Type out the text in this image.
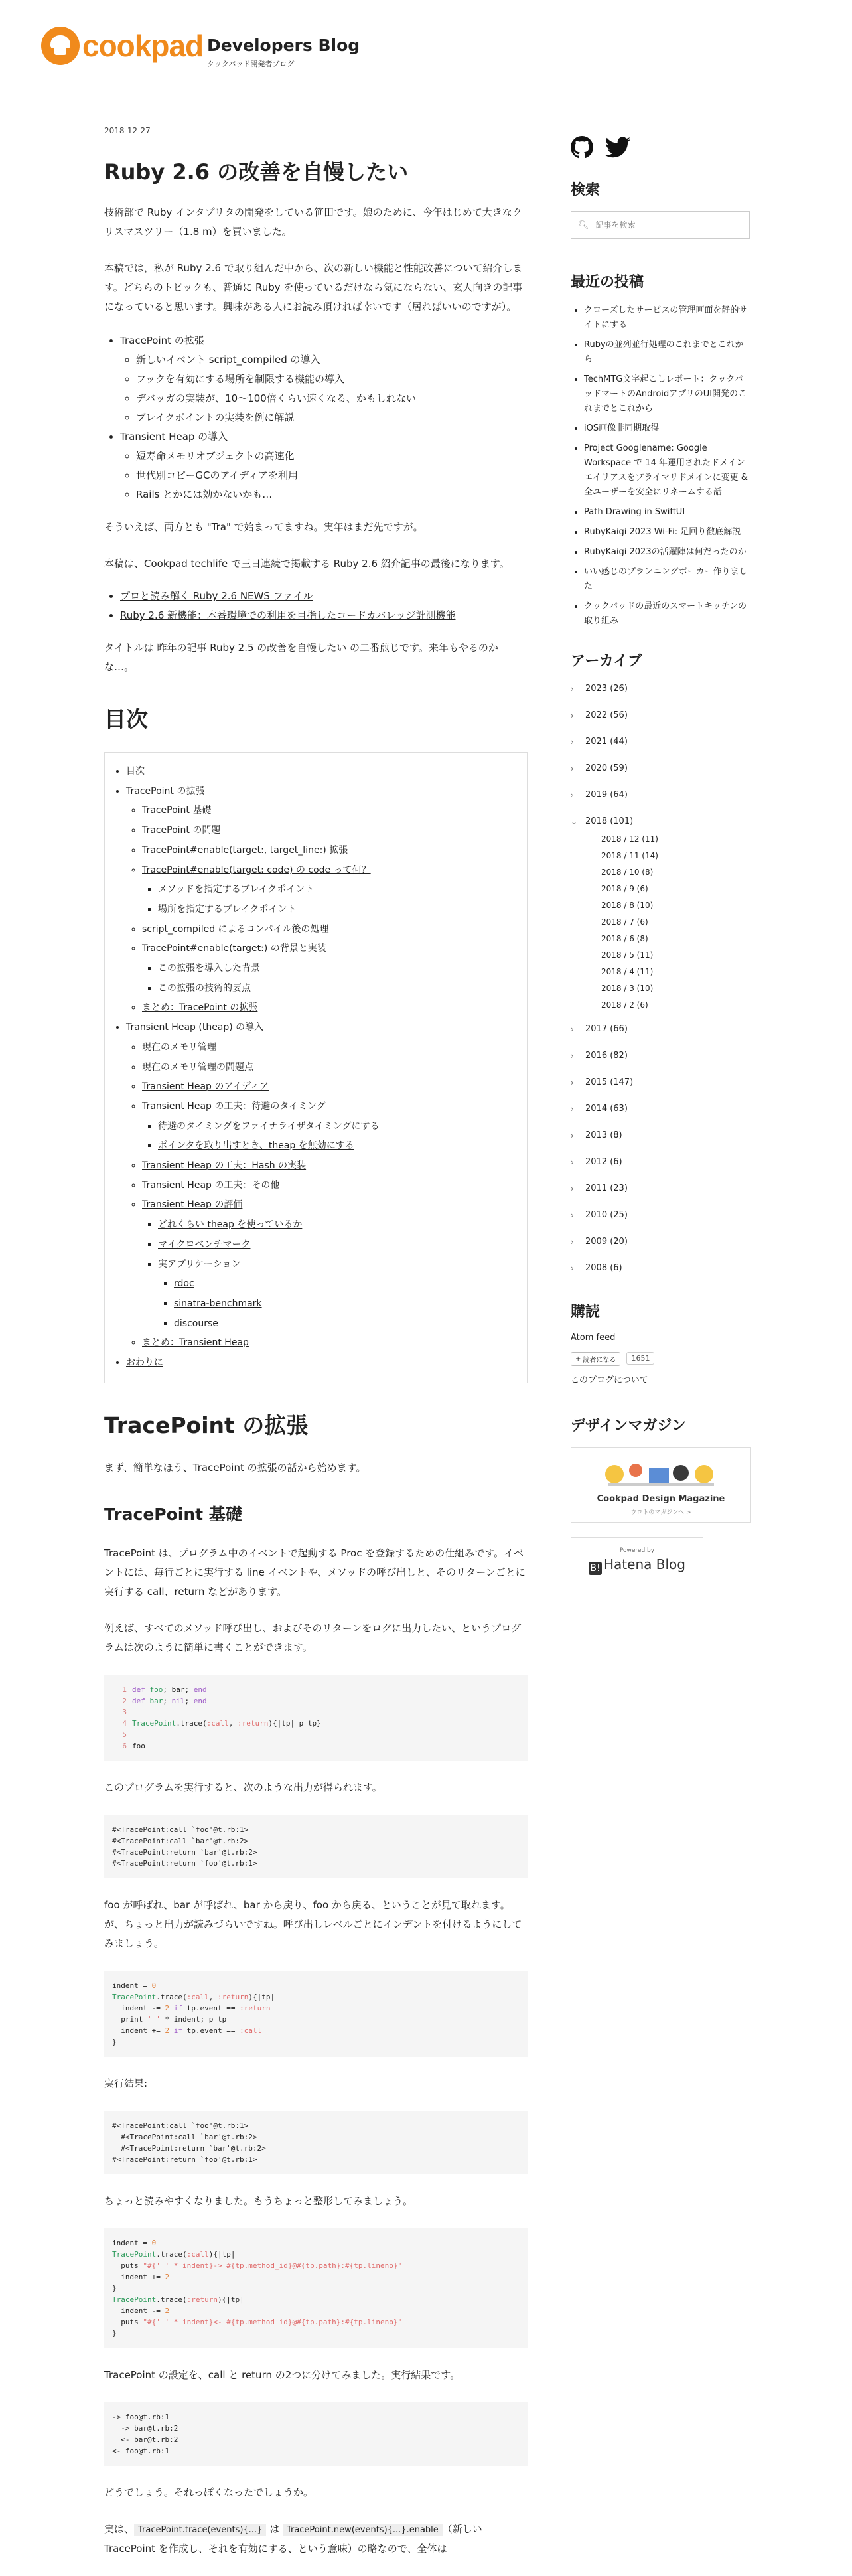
cookpad Developers Blog
クックパッド開発者ブログ
2018-12-27
Ruby 2.6 の改善を自慢したい

技術部で Ruby インタプリタの開発をしている笹田です。娘のために、今年はじめて大きなクリスマスツリー（1.8 m）を買いました。

本稿では，私が Ruby 2.6 で取り組んだ中から、次の新しい機能と性能改善について紹介します。どちらのトピックも、普通に Ruby を使っているだけなら気にならない、玄人向きの記事になっていると思います。興味がある人にお読み頂ければ幸いです（居ればいいのですが）。

• TracePoint の拡張
◦ 新しいイベント script_compiled の導入
◦ フックを有効にする場所を制限する機能の導入
◦ デバッガの実装が、10〜100倍くらい速くなる、かもしれない
◦ ブレイクポイントの実装を例に解説
• Transient Heap の導入
◦ 短寿命メモリオブジェクトの高速化
◦ 世代別コピーGCのアイディアを利用
◦ Rails とかには効かないかも…

そういえば、両方とも "Tra" で始まってますね。実年はまだ先ですが。

本稿は、Cookpad techlife で三日連続で掲載する Ruby 2.6 紹介記事の最後になります。

• プロと読み解く Ruby 2.6 NEWS ファイル
• Ruby 2.6 新機能：本番環境での利用を目指したコードカバレッジ計測機能

タイトルは 昨年の記事 Ruby 2.5 の改善を自慢したい の二番煎じです。来年もやるのかな…。

目次
• 目次
• TracePoint の拡張
◦ TracePoint 基礎
◦ TracePoint の問題
◦ TracePoint#enable(target:, target_line:) 拡張
◦ TracePoint#enable(target: code) の code って何？
▪ メソッドを指定するブレイクポイント
▪ 場所を指定するブレイクポイント
◦ script_compiled によるコンパイル後の処理
◦ TracePoint#enable(target:) の背景と実装
▪ この拡張を導入した背景
▪ この拡張の技術的要点
◦ まとめ：TracePoint の拡張
• Transient Heap (theap) の導入
◦ 現在のメモリ管理
◦ 現在のメモリ管理の問題点
◦ Transient Heap のアイディア
◦ Transient Heap の工夫：待避のタイミング
▪ 待避のタイミングをファイナライザタイミングにする
▪ ポインタを取り出すとき、theap を無効にする
◦ Transient Heap の工夫：Hash の実装
◦ Transient Heap の工夫：その他
◦ Transient Heap の評価
▪ どれくらい theap を使っているか
▪ マイクロベンチマーク
▪ 実アプリケーション
▪ rdoc
▪ sinatra-benchmark
▪ discourse
◦ まとめ：Transient Heap
• おわりに
TracePoint の拡張

まず、簡単なほう、TracePoint の拡張の話から始めます。

TracePoint 基礎

TracePoint は、プログラム中のイベントで起動する Proc を登録するための仕組みです。イベントには、毎行ごとに実行する line イベントや、メソッドの呼び出しと、そのリターンごとに実行する call、return などがあります。

例えば、すべてのメソッド呼び出し、およびそのリターンをログに出力したい、というプログラムは次のように簡単に書くことができます。

1 def foo; bar; end
2 def bar; nil; end
3
4 TracePoint.trace(:call, :return){|tp| p tp}
5
6 foo

このプログラムを実行すると、次のような出力が得られます。

#<TracePoint:call `foo'@t.rb:1>
#<TracePoint:call `bar'@t.rb:2>
#<TracePoint:return `bar'@t.rb:2>
#<TracePoint:return `foo'@t.rb:1>

foo が呼ばれ、bar が呼ばれ、bar から戻り、foo から戻る、ということが見て取れます。が、ちょっと出力が読みづらいですね。呼び出しレベルごとにインデントを付けるようにしてみましょう。

indent = 0
TracePoint.trace(:call, :return){|tp|
indent -= 2 if tp.event == :return
print ' ' * indent; p tp
indent += 2 if tp.event == :call
}

実行結果:

#<TracePoint:call `foo'@t.rb:1>
#<TracePoint:call `bar'@t.rb:2>
#<TracePoint:return `bar'@t.rb:2>
#<TracePoint:return `foo'@t.rb:1>

ちょっと読みやすくなりました。もうちょっと整形してみましょう。

indent = 0
TracePoint.trace(:call){|tp|
puts "#{' ' * indent}-> #{tp.method_id}@#{tp.path}:#{tp.lineno}"
indent += 2
}
TracePoint.trace(:return){|tp|
indent -= 2
puts "#{' ' * indent}<- #{tp.method_id}@#{tp.path}:#{tp.lineno}"
}

TracePoint の設定を、call と return の2つに分けてみました。実行結果です。

-> foo@t.rb:1
-> bar@t.rb:2
<- bar@t.rb:2
<- foo@t.rb:1

どうでしょう。それっぽくなったでしょうか。

実は、 TracePoint.trace(events){...} は TracePoint.new(events){...}.enable （新しい TracePoint を作成し、それを有効にする、という意味）の略なので、全体は

検索
🔍︎
記事を検索
最近の投稿
• クローズしたサービスの管理画面を静的サイトにする
• Rubyの並列並行処理のこれまでとこれから
• TechMTG文字起こしレポート：クックパッドマートのAndroidアプリのUI開発のこれまでとこれから
• iOS画像非同期取得
• Project Googlename: Google Workspace で 14 年運用されたドメインエイリアスをプライマリドメインに変更 & 全ユーザーを安全にリネームする話
• Path Drawing in SwiftUI
• RubyKaigi 2023 Wi-Fi: 足回り徹底解説
• RubyKaigi 2023の活躍陣は何だったのか
• いい感じのプランニングポーカー作りました
• クックパッドの最近のスマートキッチンの取り組み
アーカイブ
›	2023 (26)
›	2022 (56)
›	2021 (44)
›	2020 (59)
›	2019 (64)
⌄ 2018 (101)
2018 / 12 (11)
2018 / 11 (14)
2018 / 10 (8)
2018 / 9 (6)
2018 / 8 (10)
2018 / 7 (6)
2018 / 6 (8)
2018 / 5 (11)
2018 / 4 (11)
2018 / 3 (10)
2018 / 2 (6)
›	2017 (66)
›	2016 (82)
›	2015 (147)
›	2014 (63)
›	2013 (8)
›	2012 (6)
›	2011 (23)
›	2010 (25)
›	2009 (20)
›	2008 (6)
購読
Atom feed
+ 読者になる 1651
このブログについて
デザインマガジン
Cookpad Design Magazine
ウロトのマガジンへ >
Powered by
B! Hatena Blog
